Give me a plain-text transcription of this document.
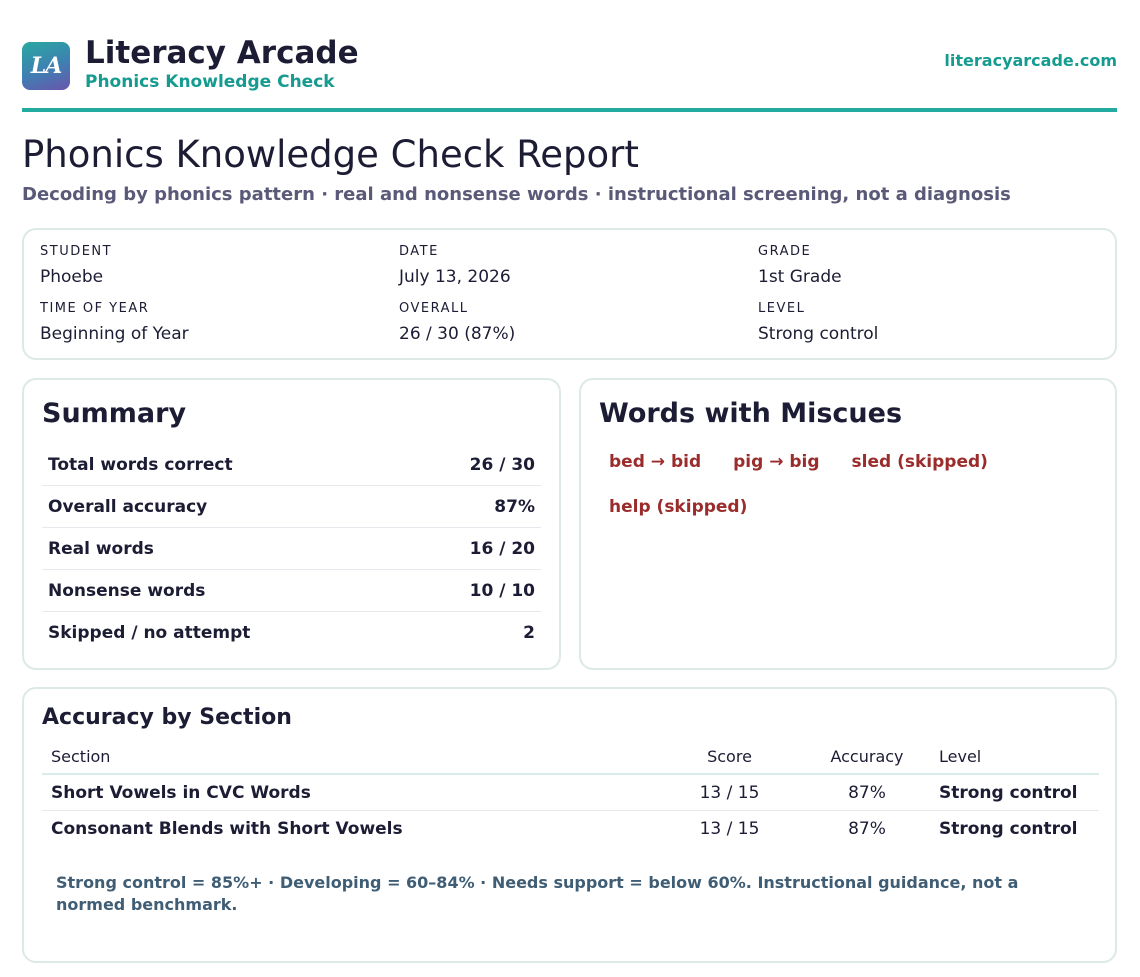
LA Literacy Arcade
Phonics Knowledge Check
literacyarcade.com
Phonics Knowledge Check Report
Decoding by phonics pattern · real and nonsense words · instructional screening, not a diagnosis
STUDENT
Phoebe
DATE
July 13, 2026
GRADE
1st Grade
TIME OF YEAR
Beginning of Year
OVERALL
26 / 30 (87%)
LEVEL
Strong control
Summary
Total words correct	26 / 30
Overall accuracy	87%
Real words	16 / 20
Nonsense words	10 / 10
Skipped / no attempt	2
Words with Miscues
bed → bid	pig → big	sled (skipped)
help (skipped)
Accuracy by Section
Section	Score	Accuracy	Level
Short Vowels in CVC Words	13 / 15	87%	Strong control
Consonant Blends with Short Vowels	13 / 15	87%	Strong control
Strong control = 85%+ · Developing = 60–84% · Needs support = below 60%. Instructional guidance, not a normed benchmark.
